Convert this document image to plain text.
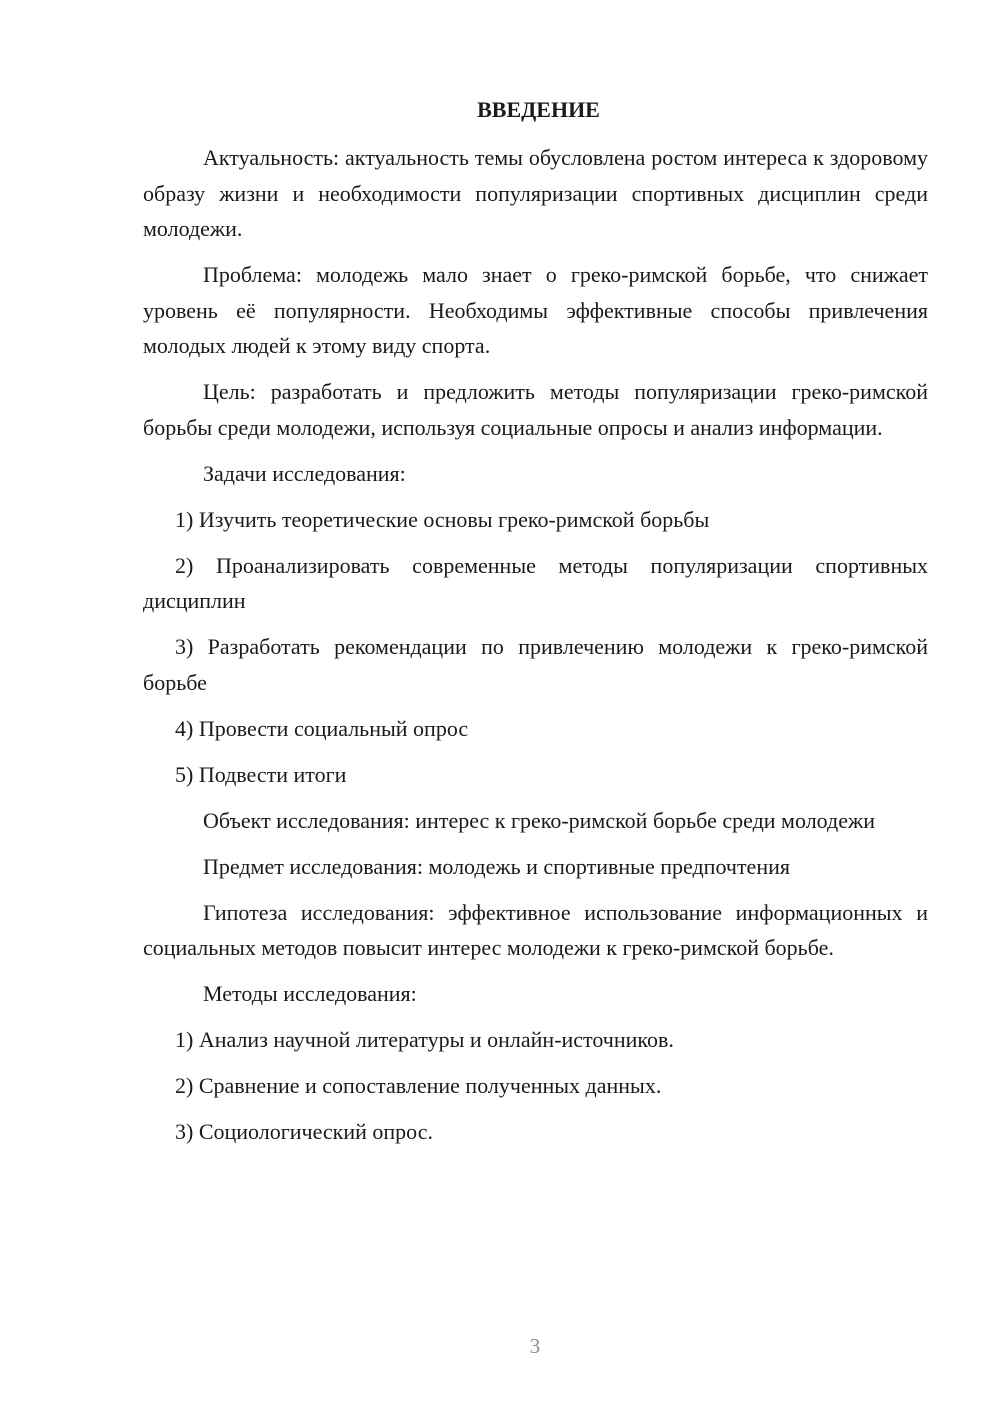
ВВЕДЕНИЕ

Актуальность: актуальность темы обусловлена ростом интереса к здоровому образу жизни и необходимости популяризации спортивных дисциплин среди молодежи.

Проблема: молодежь мало знает о греко-римской борьбе, что снижает уровень её популярности. Необходимы эффективные способы привлечения молодых людей к этому виду спорта.

Цель: разработать и предложить методы популяризации греко-римской борьбы среди молодежи, используя социальные опросы и анализ информации.

Задачи исследования:

1) Изучить теоретические основы греко-римской борьбы

2) Проанализировать современные методы популяризации спортивных дисциплин

3) Разработать рекомендации по привлечению молодежи к греко-римской борьбе

4) Провести социальный опрос

5) Подвести итоги

Объект исследования: интерес к греко-римской борьбе среди молодежи

Предмет исследования: молодежь и спортивные предпочтения

Гипотеза исследования: эффективное использование информационных и социальных методов повысит интерес молодежи к греко-римской борьбе.

Методы исследования:

1) Анализ научной литературы и онлайн-источников.

2) Сравнение и сопоставление полученных данных.

3) Социологический опрос.

3
